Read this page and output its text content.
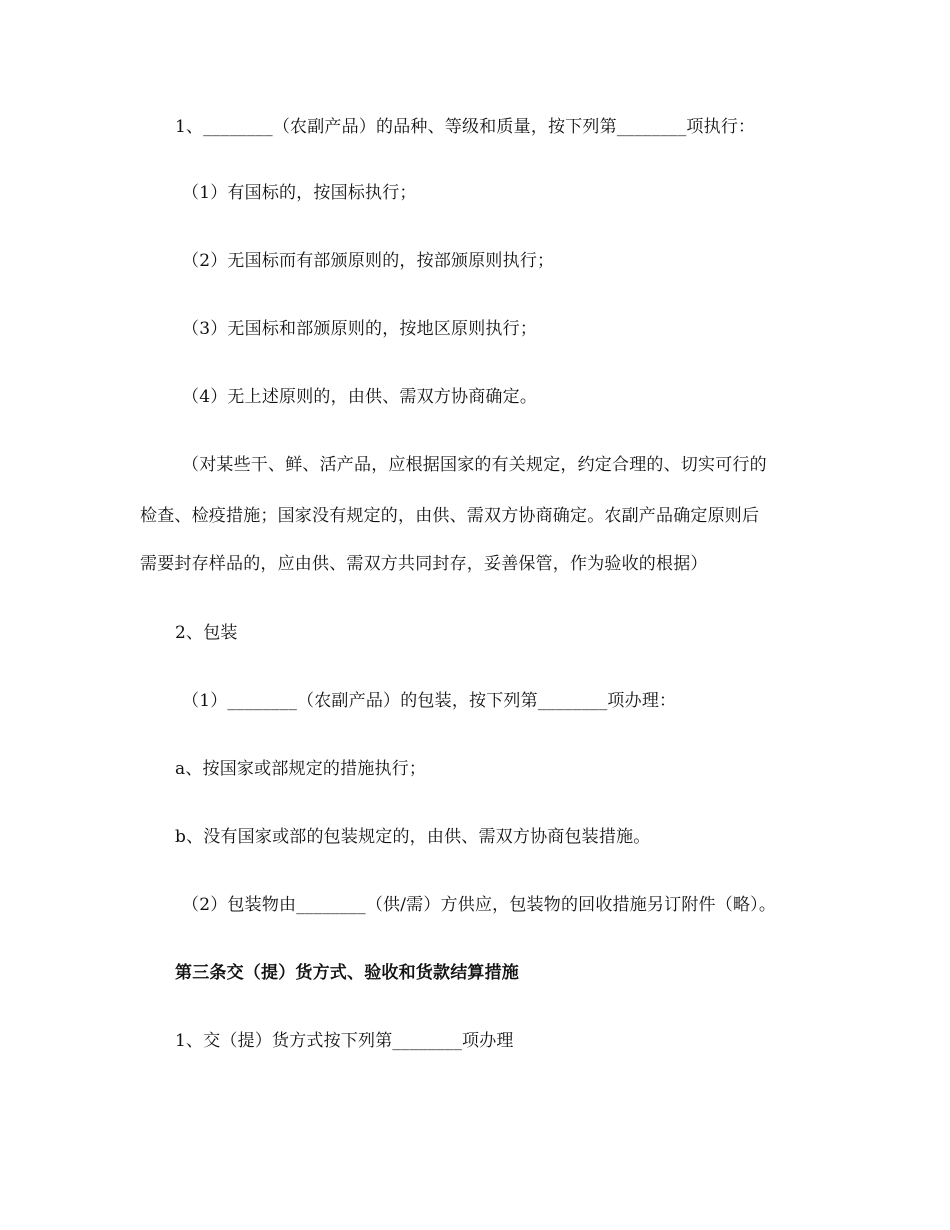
1、________（农副产品）的品种、等级和质量，按下列第________项执行：
（1）有国标的，按国标执行；
（2）无国标而有部颁原则的，按部颁原则执行；
（3）无国标和部颁原则的，按地区原则执行；
（4）无上述原则的，由供、需双方协商确定。
（对某些干、鲜、活产品，应根据国家的有关规定，约定合理的、切实可行的
检查、检疫措施；国家没有规定的，由供、需双方协商确定。农副产品确定原则后
需要封存样品的，应由供、需双方共同封存，妥善保管，作为验收的根据）
2、包装
（1）________（农副产品）的包装，按下列第________项办理：
a、按国家或部规定的措施执行；
b、没有国家或部的包装规定的，由供、需双方协商包装措施。
（2）包装物由________（供/需）方供应，包装物的回收措施另订附件（略）。
第三条交（提）货方式、验收和货款结算措施
1、交（提）货方式按下列第________项办理
